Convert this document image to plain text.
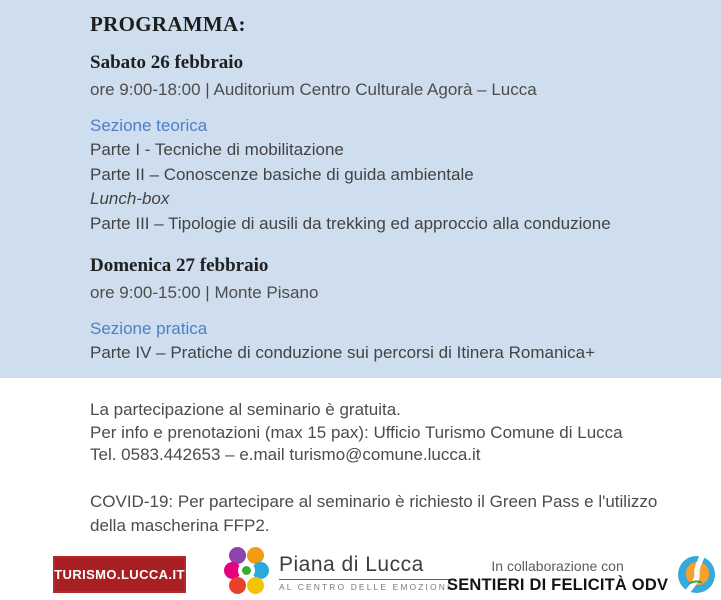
PROGRAMMA:
Sabato 26 febbraio

ore 9:00-18:00 | Auditorium Centro Culturale Agorà – Lucca

Sezione teorica

Parte I - Tecniche di mobilitazione

Parte II – Conoscenze basiche di guida ambientale

Lunch-box

Parte III – Tipologie di ausili da trekking ed approccio alla conduzione

Domenica 27 febbraio

ore 9:00-15:00 | Monte Pisano

Sezione pratica

Parte IV – Pratiche di conduzione sui percorsi di Itinera Romanica+

La partecipazione al seminario è gratuita.

Per info e prenotazioni (max 15 pax): Ufficio Turismo Comune di Lucca

Tel. 0583.442653 – e.mail turismo@comune.lucca.it

COVID-19: Per partecipare al seminario è richiesto il Green Pass e l'utilizzo della mascherina FFP2.

TURISMO.LUCCA.IT	Piana di Lucca
AL CENTRO DELLE EMOZIONI
In collaborazione con
SENTIERI DI FELICITÀ ODV
